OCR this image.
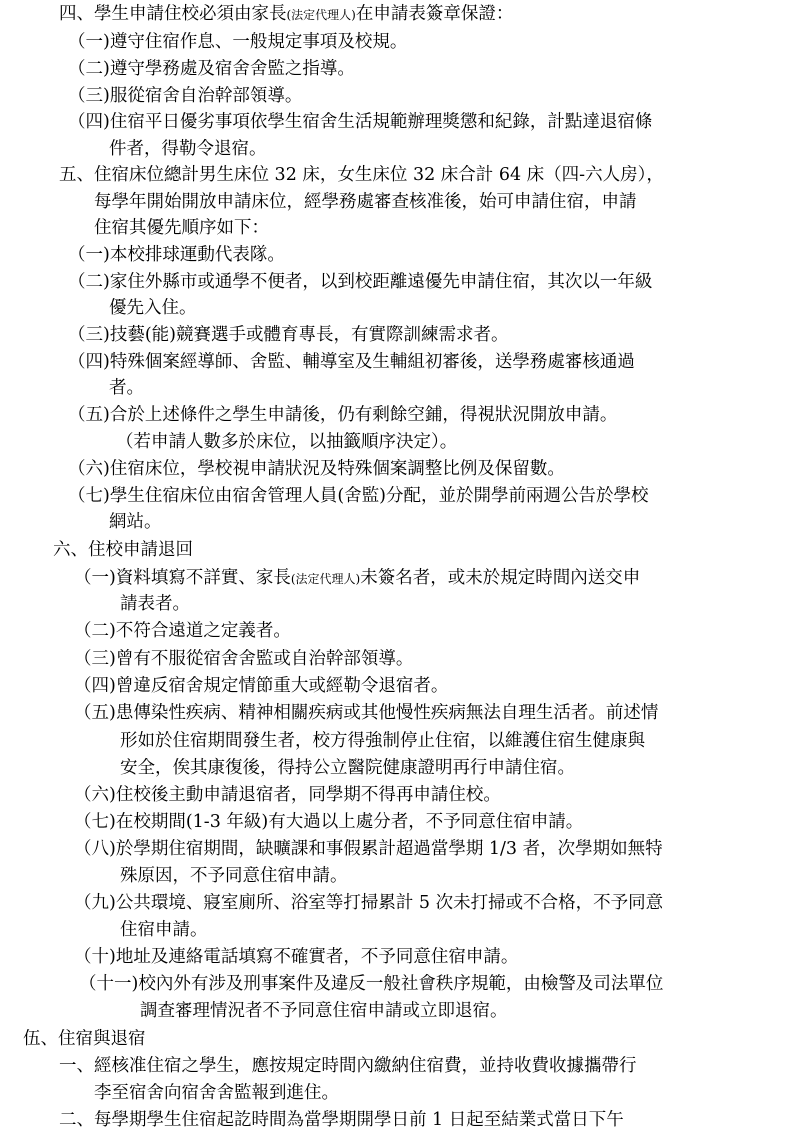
四、學生申請住校必須由家長(法定代理人)在申請表簽章保證：

（一)遵守住宿作息、一般規定事項及校規。

（二)遵守學務處及宿舍舍監之指導。

（三)服從宿舍自治幹部領導。

（四)住宿平日優劣事項依學生宿舍生活規範辦理獎懲和紀錄，計點達退宿條

件者，得勒令退宿。

五、住宿床位總計男生床位 32 床，女生床位 32 床合計 64 床（四-六人房），

每學年開始開放申請床位，經學務處審查核准後，始可申請住宿，申請

住宿其優先順序如下：

（一)本校排球運動代表隊。

（二)家住外縣市或通學不便者，以到校距離遠優先申請住宿，其次以一年級

優先入住。

（三)技藝(能)競賽選手或體育專長，有實際訓練需求者。

（四)特殊個案經導師、舍監、輔導室及生輔組初審後，送學務處審核通過

者。

（五)合於上述條件之學生申請後，仍有剩餘空鋪，得視狀況開放申請。

（若申請人數多於床位，以抽籤順序決定）。

（六)住宿床位，學校視申請狀況及特殊個案調整比例及保留數。

（七)學生住宿床位由宿舍管理人員(舍監)分配，並於開學前兩週公告於學校

網站。

六、住校申請退回

（一)資料填寫不詳實、家長(法定代理人)未簽名者，或未於規定時間內送交申

請表者。

（二)不符合遠道之定義者。

（三)曾有不服從宿舍舍監或自治幹部領導。

（四)曾違反宿舍規定情節重大或經勒令退宿者。

（五)患傳染性疾病、精神相關疾病或其他慢性疾病無法自理生活者。前述情

形如於住宿期間發生者，校方得強制停止住宿，以維護住宿生健康與

安全，俟其康復後，得持公立醫院健康證明再行申請住宿。

（六)住校後主動申請退宿者，同學期不得再申請住校。

（七)在校期間(1-3 年級)有大過以上處分者，不予同意住宿申請。

（八)於學期住宿期間，缺曠課和事假累計超過當學期 1/3 者，次學期如無特

殊原因，不予同意住宿申請。

（九)公共環境、寢室廁所、浴室等打掃累計 5 次未打掃或不合格，不予同意

住宿申請。

（十)地址及連絡電話填寫不確實者，不予同意住宿申請。

（十一)校內外有涉及刑事案件及違反一般社會秩序規範，由檢警及司法單位

調查審理情況者不予同意住宿申請或立即退宿。

伍、住宿與退宿

一、經核准住宿之學生，應按規定時間內繳納住宿費，並持收費收據攜帶行

李至宿舍向宿舍舍監報到進住。

二、每學期學生住宿起訖時間為當學期開學日前 1 日起至結業式當日下午
